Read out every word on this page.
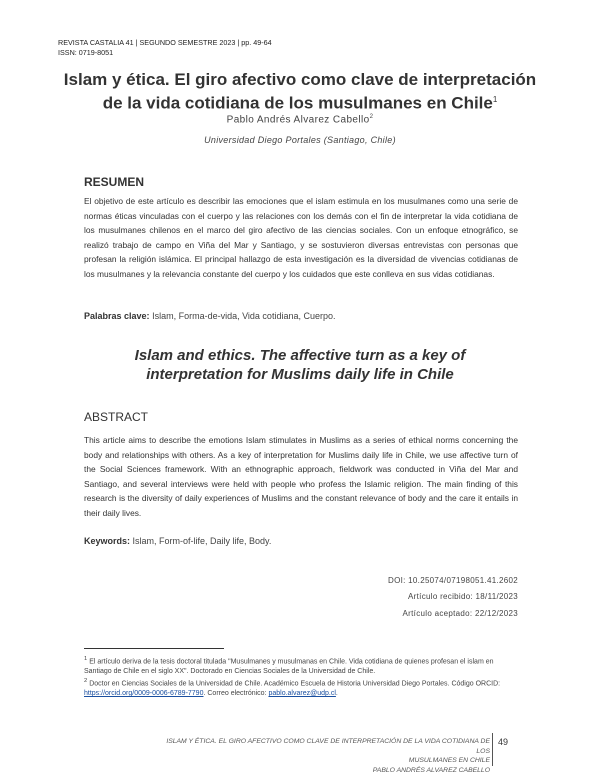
REVISTA CASTALIA 41 | SEGUNDO SEMESTRE 2023 | pp. 49-64
ISSN: 0719-8051
Islam y ética. El giro afectivo como clave de interpretación
de la vida cotidiana de los musulmanes en Chile$^1$
Pablo Andrés Alvarez Cabello$^2$
Universidad Diego Portales (Santiago, Chile)
RESUMEN
El objetivo de este artículo es describir las emociones que el islam estimula en los musulmanes como una serie de normas éticas vinculadas con el cuerpo y las relaciones con los demás con el fin de interpretar la vida cotidiana de los musulmanes chilenos en el marco del giro afectivo de las ciencias sociales. Con un enfoque etnográfico, se realizó trabajo de campo en Viña del Mar y Santiago, y se sostuvieron diversas entrevistas con personas que profesan la religión islámica. El principal hallazgo de esta investigación es la diversidad de vivencias cotidianas de los musulmanes y la relevancia constante del cuerpo y los cuidados que este conlleva en sus vidas cotidianas.
Palabras clave: Islam, Forma-de-vida, Vida cotidiana, Cuerpo.
Islam and ethics. The affective turn as a key of
interpretation for Muslims daily life in Chile
ABSTRACT
This article aims to describe the emotions Islam stimulates in Muslims as a series of ethical norms concerning the body and relationships with others. As a key of interpretation for Muslims daily life in Chile, we use affective turn of the Social Sciences framework. With an ethnographic approach, fieldwork was conducted in Viña del Mar and Santiago, and several interviews were held with people who profess the Islamic religion. The main finding of this research is the diversity of daily experiences of Muslims and the constant relevance of body and the care it entails in their daily lives.
Keywords: Islam, Form-of-life, Daily life, Body.
DOI: 10.25074/07198051.41.2602
Artículo recibido: 18/11/2023
Artículo aceptado: 22/12/2023
$^1$ El artículo deriva de la tesis doctoral titulada "Musulmanes y musulmanas en Chile. Vida cotidiana de quienes profesan el islam en Santiago de Chile en el siglo XX". Doctorado en Ciencias Sociales de la Universidad de Chile.
$^2$ Doctor en Ciencias Sociales de la Universidad de Chile. Académico Escuela de Historia Universidad Diego Portales. Código ORCID: https://orcid.org/0009-0006-6789-7790. Correo electrónico: pablo.alvarez@udp.cl.
ISLAM Y ÉTICA. EL GIRO AFECTIVO COMO CLAVE DE INTERPRETACIÓN DE LA VIDA COTIDIANA DE LOS
MUSULMANES EN CHILE
PABLO ANDRÉS ALVAREZ CABELLO
49
